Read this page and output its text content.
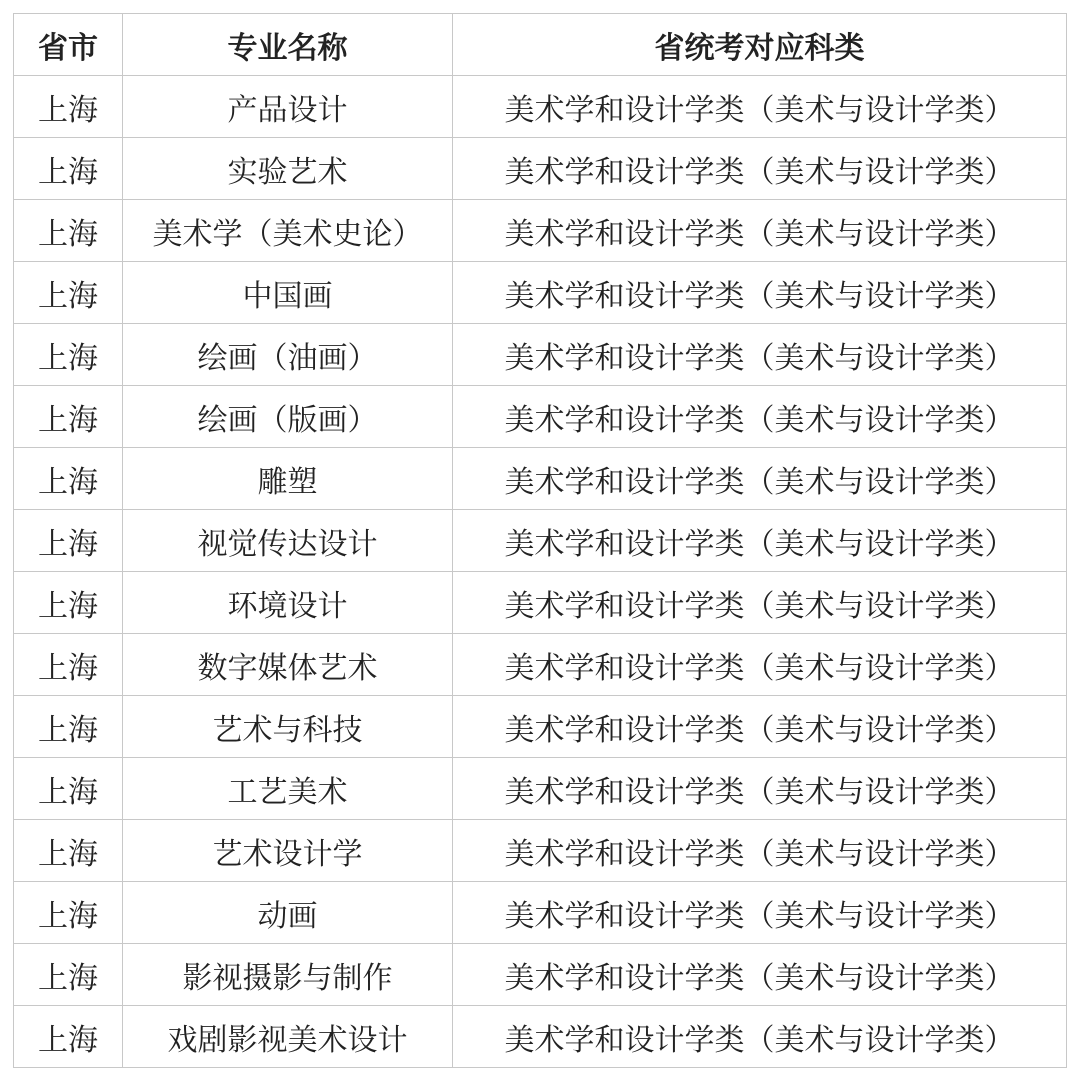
省市	专业名称	省统考对应科类
上海	产品设计	美术学和设计学类（美术与设计学类）
上海	实验艺术	美术学和设计学类（美术与设计学类）
上海	美术学（美术史论）	美术学和设计学类（美术与设计学类）
上海	中国画	美术学和设计学类（美术与设计学类）
上海	绘画（油画）	美术学和设计学类（美术与设计学类）
上海	绘画（版画）	美术学和设计学类（美术与设计学类）
上海	雕塑	美术学和设计学类（美术与设计学类）
上海	视觉传达设计	美术学和设计学类（美术与设计学类）
上海	环境设计	美术学和设计学类（美术与设计学类）
上海	数字媒体艺术	美术学和设计学类（美术与设计学类）
上海	艺术与科技	美术学和设计学类（美术与设计学类）
上海	工艺美术	美术学和设计学类（美术与设计学类）
上海	艺术设计学	美术学和设计学类（美术与设计学类）
上海	动画	美术学和设计学类（美术与设计学类）
上海	影视摄影与制作	美术学和设计学类（美术与设计学类）
上海	戏剧影视美术设计	美术学和设计学类（美术与设计学类）
